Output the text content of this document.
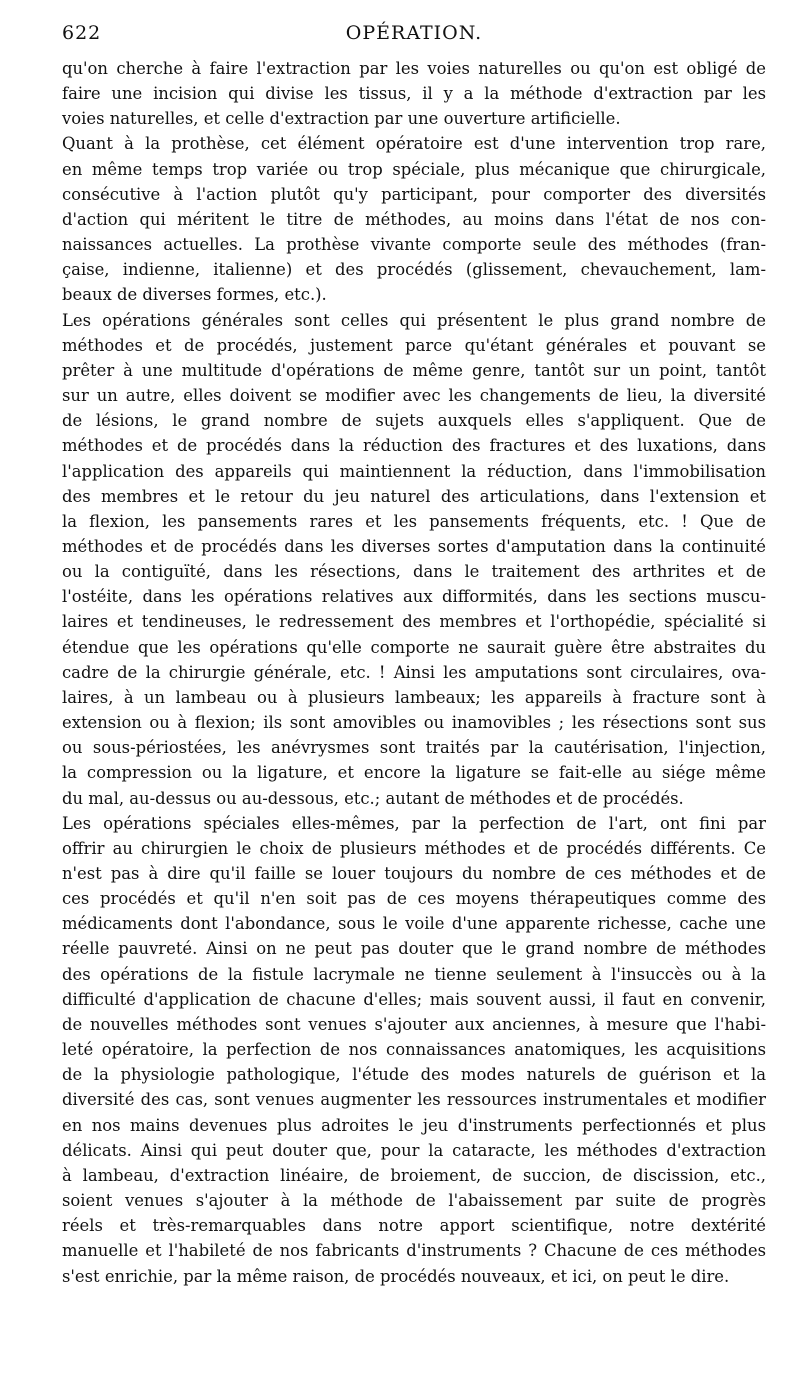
622	OPÉRATION.
qu'on cherche à faire l'extraction par les voies naturelles ou qu'on est obligé de
faire une incision qui divise les tissus, il y a la méthode d'extraction par les
voies naturelles, et celle d'extraction par une ouverture artificielle.
Quant à la prothèse, cet élément opératoire est d'une intervention trop rare,
en même temps trop variée ou trop spéciale, plus mécanique que chirurgicale,
consécutive à l'action plutôt qu'y participant, pour comporter des diversités
d'action qui méritent le titre de méthodes, au moins dans l'état de nos con-
naissances actuelles. La prothèse vivante comporte seule des méthodes (fran-
çaise, indienne, italienne) et des procédés (glissement, chevauchement, lam-
beaux de diverses formes, etc.).
Les opérations générales sont celles qui présentent le plus grand nombre de
méthodes et de procédés, justement parce qu'étant générales et pouvant se
prêter à une multitude d'opérations de même genre, tantôt sur un point, tantôt
sur un autre, elles doivent se modifier avec les changements de lieu, la diversité
de lésions, le grand nombre de sujets auxquels elles s'appliquent. Que de
méthodes et de procédés dans la réduction des fractures et des luxations, dans
l'application des appareils qui maintiennent la réduction, dans l'immobilisation
des membres et le retour du jeu naturel des articulations, dans l'extension et
la flexion, les pansements rares et les pansements fréquents, etc. ! Que de
méthodes et de procédés dans les diverses sortes d'amputation dans la continuité
ou la contiguïté, dans les résections, dans le traitement des arthrites et de
l'ostéite, dans les opérations relatives aux difformités, dans les sections muscu-
laires et tendineuses, le redressement des membres et l'orthopédie, spécialité si
étendue que les opérations qu'elle comporte ne saurait guère être abstraites du
cadre de la chirurgie générale, etc. ! Ainsi les amputations sont circulaires, ova-
laires, à un lambeau ou à plusieurs lambeaux; les appareils à fracture sont à
extension ou à flexion; ils sont amovibles ou inamovibles ; les résections sont sus
ou sous-périostées, les anévrysmes sont traités par la cautérisation, l'injection,
la compression ou la ligature, et encore la ligature se fait-elle au siége même
du mal, au-dessus ou au-dessous, etc.; autant de méthodes et de procédés.
Les opérations spéciales elles-mêmes, par la perfection de l'art, ont fini par
offrir au chirurgien le choix de plusieurs méthodes et de procédés différents. Ce
n'est pas à dire qu'il faille se louer toujours du nombre de ces méthodes et de
ces procédés et qu'il n'en soit pas de ces moyens thérapeutiques comme des
médicaments dont l'abondance, sous le voile d'une apparente richesse, cache une
réelle pauvreté. Ainsi on ne peut pas douter que le grand nombre de méthodes
des opérations de la fistule lacrymale ne tienne seulement à l'insuccès ou à la
difficulté d'application de chacune d'elles; mais souvent aussi, il faut en convenir,
de nouvelles méthodes sont venues s'ajouter aux anciennes, à mesure que l'habi-
leté opératoire, la perfection de nos connaissances anatomiques, les acquisitions
de la physiologie pathologique, l'étude des modes naturels de guérison et la
diversité des cas, sont venues augmenter les ressources instrumentales et modifier
en nos mains devenues plus adroites le jeu d'instruments perfectionnés et plus
délicats. Ainsi qui peut douter que, pour la cataracte, les méthodes d'extraction
à lambeau, d'extraction linéaire, de broiement, de succion, de discission, etc.,
soient venues s'ajouter à la méthode de l'abaissement par suite de progrès
réels et très-remarquables dans notre apport scientifique, notre dextérité
manuelle et l'habileté de nos fabricants d'instruments ? Chacune de ces méthodes
s'est enrichie, par la même raison, de procédés nouveaux, et ici, on peut le dire.
